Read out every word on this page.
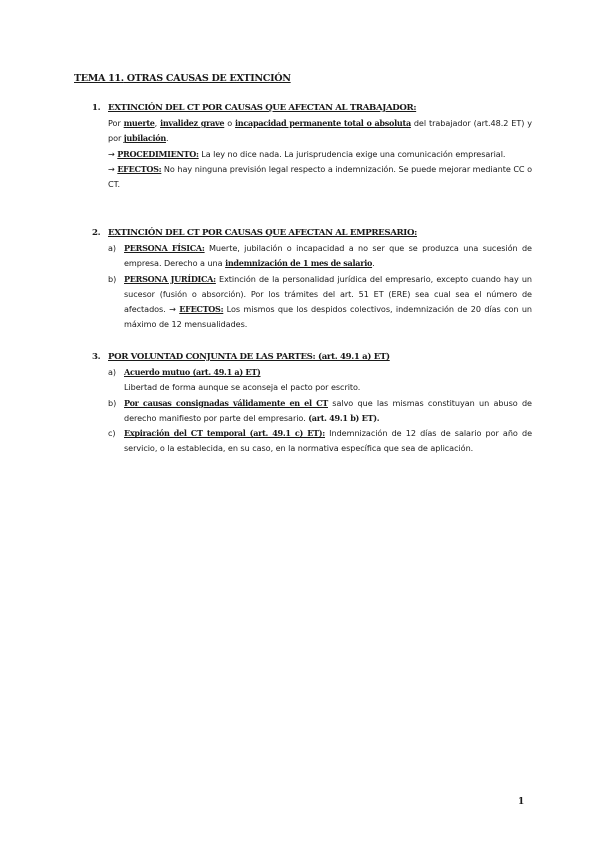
TEMA 11. OTRAS CAUSAS DE EXTINCIÓN
1. EXTINCIÓN DEL CT POR CAUSAS QUE AFECTAN AL TRABAJADOR:
Por muerte, invalidez grave o incapacidad permanente total o absoluta del trabajador (art.48.2 ET) y por jubilación.
→ PROCEDIMIENTO: La ley no dice nada. La jurisprudencia exige una comunicación empresarial.
→ EFECTOS: No hay ninguna previsión legal respecto a indemnización. Se puede mejorar mediante CC o CT.
2. EXTINCIÓN DEL CT POR CAUSAS QUE AFECTAN AL EMPRESARIO:
a) PERSONA FÍSICA: Muerte, jubilación o incapacidad a no ser que se produzca una sucesión de empresa. Derecho a una indemnización de 1 mes de salario.
b) PERSONA JURÍDICA: Extinción de la personalidad jurídica del empresario, excepto cuando hay un sucesor (fusión o absorción). Por los trámites del art. 51 ET (ERE) sea cual sea el número de afectados. → EFECTOS: Los mismos que los despidos colectivos, indemnización de 20 días con un máximo de 12 mensualidades.
3. POR VOLUNTAD CONJUNTA DE LAS PARTES: (art. 49.1 a) ET)
a) Acuerdo mutuo (art. 49.1 a) ET)
Libertad de forma aunque se aconseja el pacto por escrito.
b) Por causas consignadas válidamente en el CT salvo que las mismas constituyan un abuso de derecho manifiesto por parte del empresario. (art. 49.1 b) ET).
c) Expiración del CT temporal (art. 49.1 c) ET): Indemnización de 12 días de salario por año de servicio, o la establecida, en su caso, en la normativa específica que sea de aplicación.
1
